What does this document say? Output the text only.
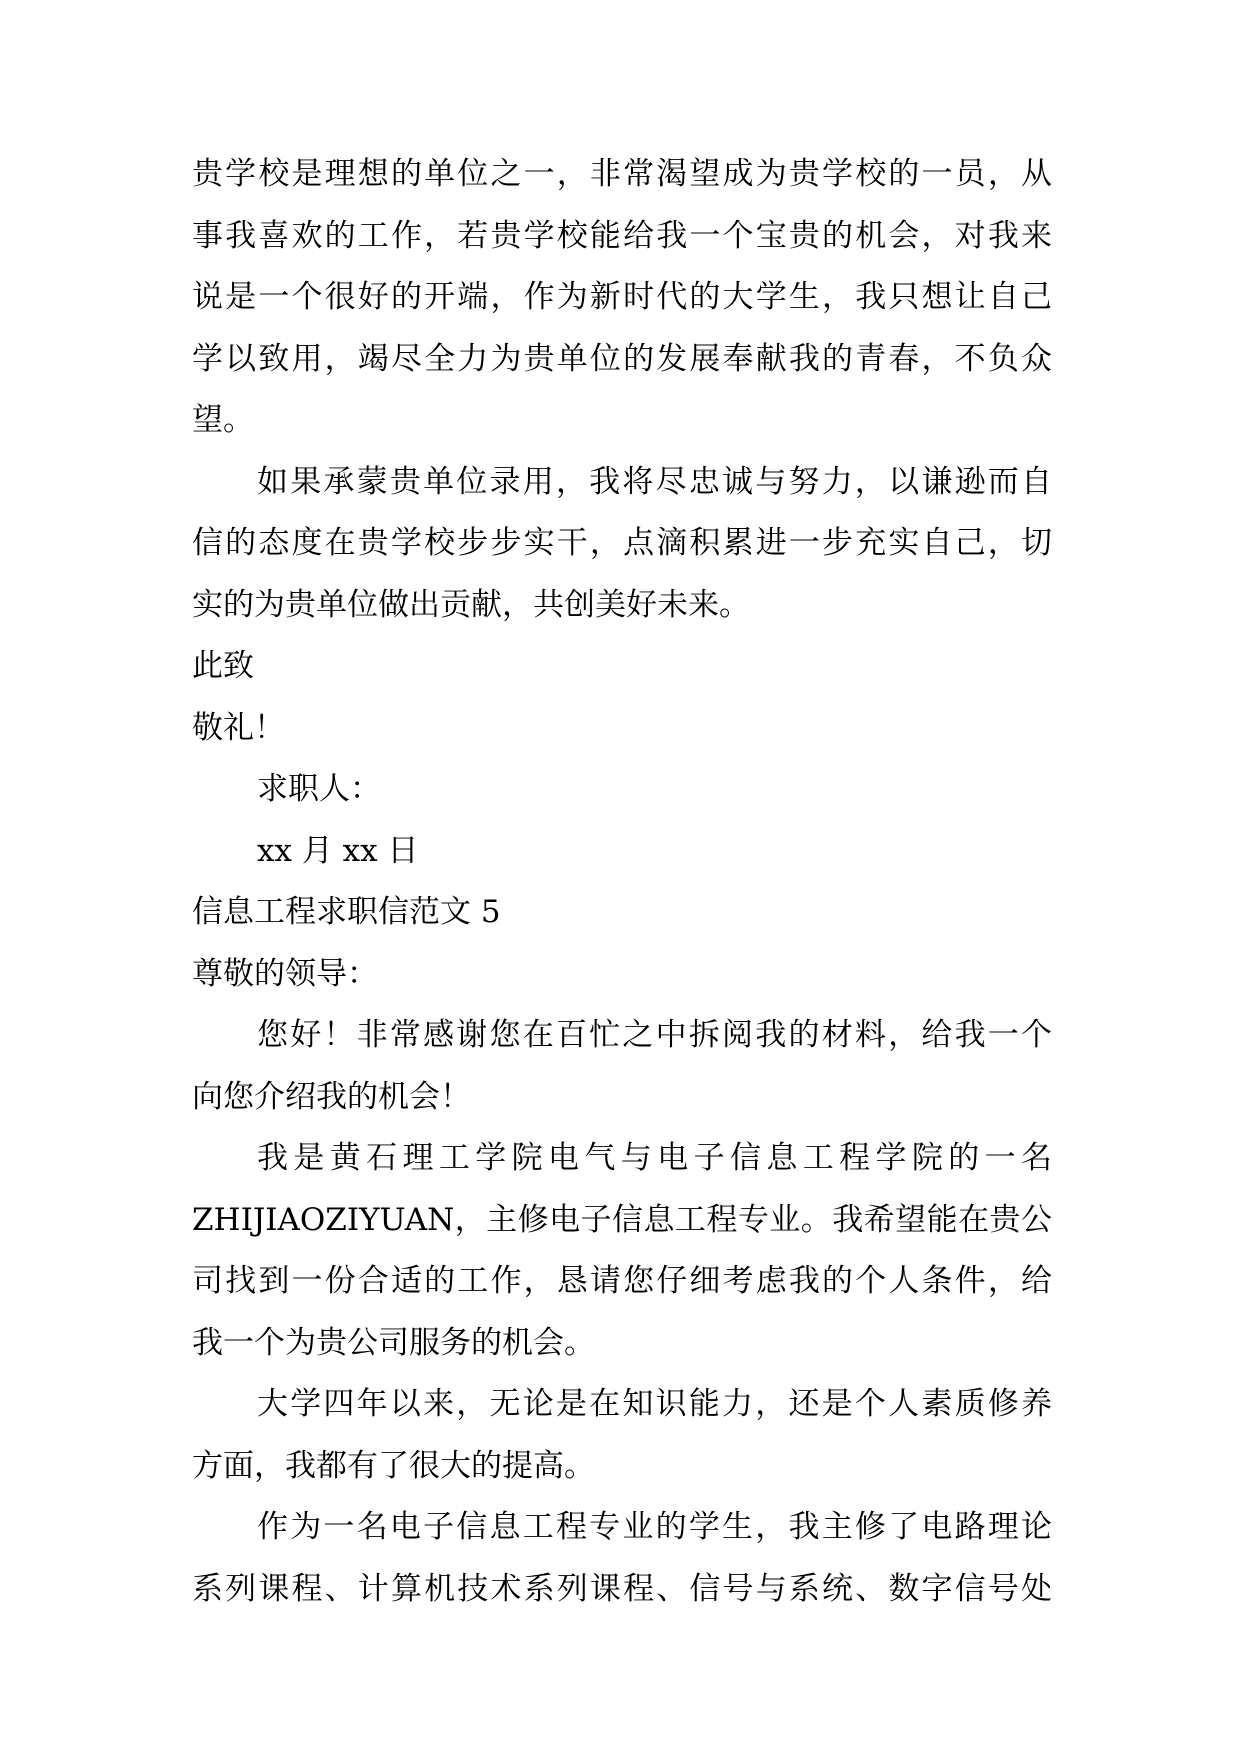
贵学校是理想的单位之一，非常渴望成为贵学校的一员，从
事我喜欢的工作，若贵学校能给我一个宝贵的机会，对我来
说是一个很好的开端，作为新时代的大学生，我只想让自己
学以致用，竭尽全力为贵单位的发展奉献我的青春，不负众
望。
如果承蒙贵单位录用，我将尽忠诚与努力，以谦逊而自
信的态度在贵学校步步实干，点滴积累进一步充实自己，切
实的为贵单位做出贡献，共创美好未来。
此致
敬礼！
求职人：
xx 月 xx 日
信息工程求职信范文 5
尊敬的领导：
您好！非常感谢您在百忙之中拆阅我的材料，给我一个
向您介绍我的机会！
我是黄石理工学院电气与电子信息工程学院的一名
ZHIJIAOZIYUAN，主修电子信息工程专业。我希望能在贵公
司找到一份合适的工作，恳请您仔细考虑我的个人条件，给
我一个为贵公司服务的机会。
大学四年以来，无论是在知识能力，还是个人素质修养
方面，我都有了很大的提高。
作为一名电子信息工程专业的学生，我主修了电路理论
系列课程、计算机技术系列课程、信号与系统、数字信号处
